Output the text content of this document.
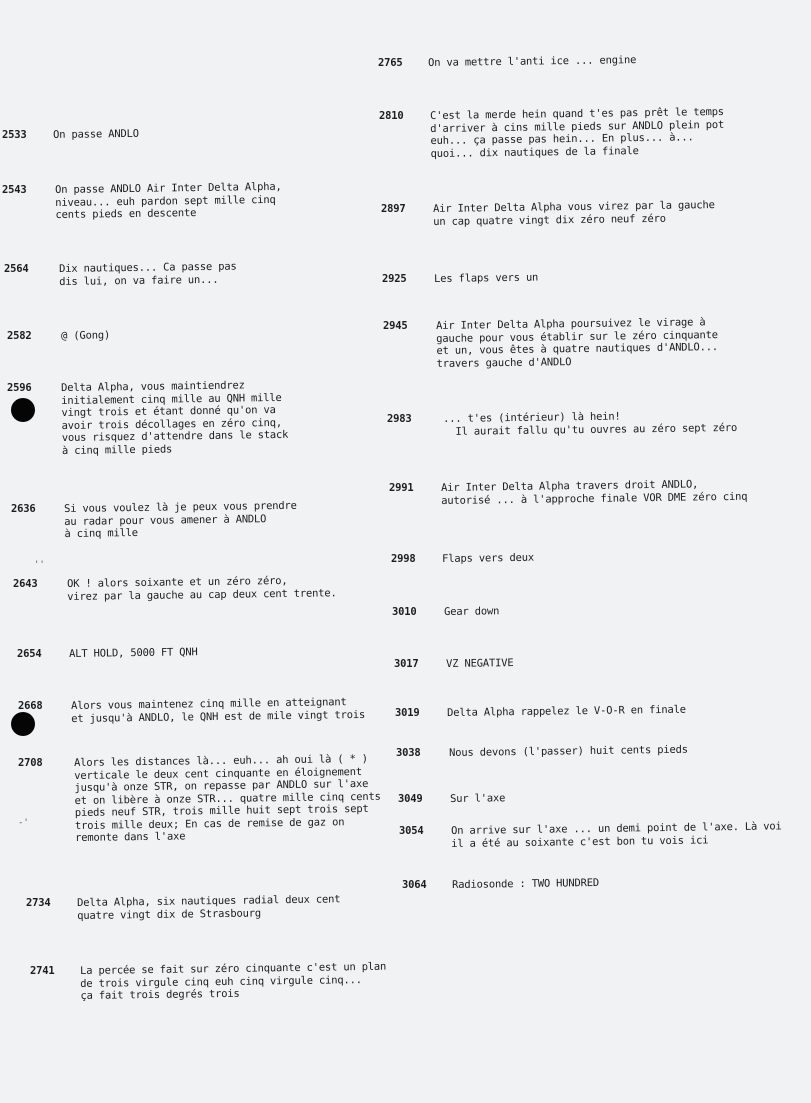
2533	On passe ANDLO
2543	On passe ANDLO Air Inter Delta Alpha,
niveau... euh pardon sept mille cinq
cents pieds en descente
2564	Dix nautiques... Ca passe pas
dis lui, on va faire un...
2582	@ (Gong)
2596	Delta Alpha, vous maintiendrez
initialement cinq mille au QNH mille
vingt trois et étant donné qu'on va
avoir trois décollages en zéro cinq,
vous risquez d'attendre dans le stack
à cinq mille pieds
2636	Si vous voulez là je peux vous prendre
au radar pour vous amener à ANDLO
à cinq mille
2643	OK ! alors soixante et un zéro zéro,
virez par la gauche au cap deux cent trente.
2654	ALT HOLD, 5000 FT QNH
2668	Alors vous maintenez cinq mille en atteignant
et jusqu'à ANDLO, le QNH est de mile vingt trois
2708	Alors les distances là... euh... ah oui là ( * )
verticale le deux cent cinquante en éloignement
jusqu'à onze STR, on repasse par ANDLO sur l'axe
et on libère à onze STR... quatre mille cinq cents
pieds neuf STR, trois mille huit sept trois sept
trois mille deux; En cas de remise de gaz on
remonte dans l'axe
2734	Delta Alpha, six nautiques radial deux cent
quatre vingt dix de Strasbourg
2741 La percée se fait sur zéro cinquante c'est un plan
de trois virgule cinq euh cinq virgule cinq...
ça fait trois degrés trois
2765 On va mettre l'anti ice ... engine
2810	C'est la merde hein quand t'es pas prêt le temps
d'arriver à cins mille pieds sur ANDLO plein pot
euh... ça passe pas hein... En plus... à...
quoi... dix nautiques de la finale
2897	Air Inter Delta Alpha vous virez par la gauche
un cap quatre vingt dix zéro neuf zéro
2925	Les flaps vers un
2945	Air Inter Delta Alpha poursuivez le virage à
gauche pour vous établir sur le zéro cinquante
et un, vous êtes à quatre nautiques d'ANDLO...
travers gauche d'ANDLO
2983	... t'es (intérieur) là hein!
Il aurait fallu qu'tu ouvres au zéro sept zéro
2991	Air Inter Delta Alpha travers droit ANDLO,
autorisé ... à l'approche finale VOR DME zéro cinq
2998	Flaps vers deux
3010	Gear down
3017	VZ NEGATIVE
3019	Delta Alpha rappelez le V-O-R en finale
3038	Nous devons (l'passer) huit cents pieds
3049	Sur l'axe
3054	On arrive sur l'axe ... un demi point de l'axe. Là voi
il a été au soixante c'est bon tu vois ici
3064 Radiosonde : TWO HUNDRED
''
-'
